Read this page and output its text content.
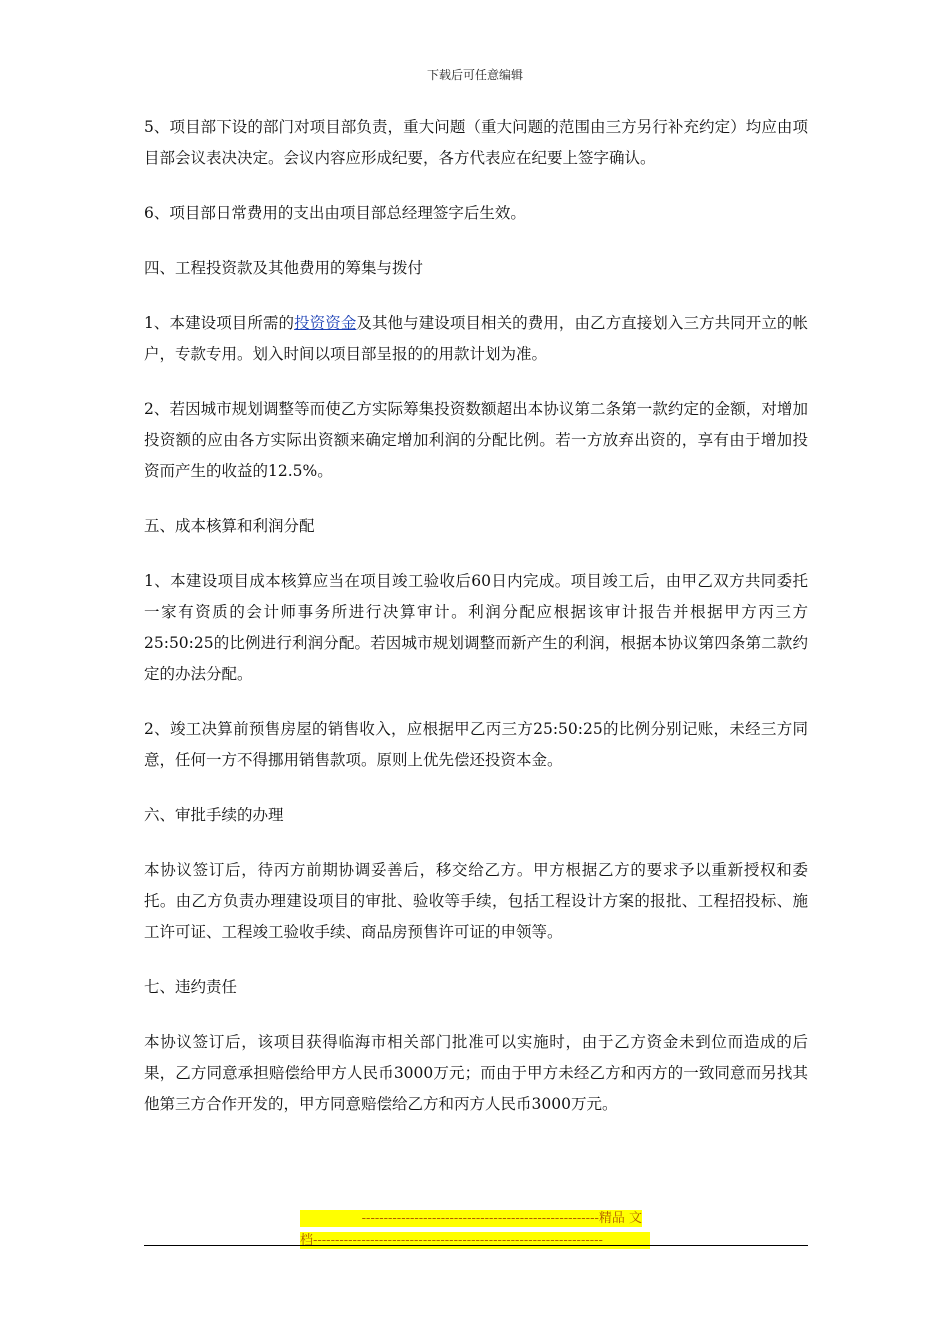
下载后可任意编辑

5、项目部下设的部门对项目部负责，重大问题（重大问题的范围由三方另行补充约定）均应由项目部会议表决决定。会议内容应形成纪要，各方代表应在纪要上签字确认。

6、项目部日常费用的支出由项目部总经理签字后生效。

四、工程投资款及其他费用的筹集与拨付

1、本建设项目所需的投资资金及其他与建设项目相关的费用，由乙方直接划入三方共同开立的帐户，专款专用。划入时间以项目部呈报的的用款计划为准。

2、若因城市规划调整等而使乙方实际筹集投资数额超出本协议第二条第一款约定的金额，对增加投资额的应由各方实际出资额来确定增加利润的分配比例。若一方放弃出资的，享有由于增加投资而产生的收益的12.5%。

五、成本核算和利润分配

1、本建设项目成本核算应当在项目竣工验收后60日内完成。项目竣工后，由甲乙双方共同委托一家有资质的会计师事务所进行决算审计。利润分配应根据该审计报告并根据甲方丙三方25:50:25的比例进行利润分配。若因城市规划调整而新产生的利润，根据本协议第四条第二款约定的办法分配。

2、竣工决算前预售房屋的销售收入，应根据甲乙丙三方25:50:25的比例分别记账，未经三方同意，任何一方不得挪用销售款项。原则上优先偿还投资本金。

六、审批手续的办理

本协议签订后，待丙方前期协调妥善后，移交给乙方。甲方根据乙方的要求予以重新授权和委托。由乙方负责办理建设项目的审批、验收等手续，包括工程设计方案的报批、工程招投标、施工许可证、工程竣工验收手续、商品房预售许可证的申领等。

七、违约责任

本协议签订后，该项目获得临海市相关部门批准可以实施时，由于乙方资金未到位而造成的后果，乙方同意承担赔偿给甲方人民币3000万元；而由于甲方未经乙方和丙方的一致同意而另找其他第三方合作开发的，甲方同意赔偿给乙方和丙方人民币3000万元。

------------------------------------------------------精品 文
档------------------------------------------------------------------
